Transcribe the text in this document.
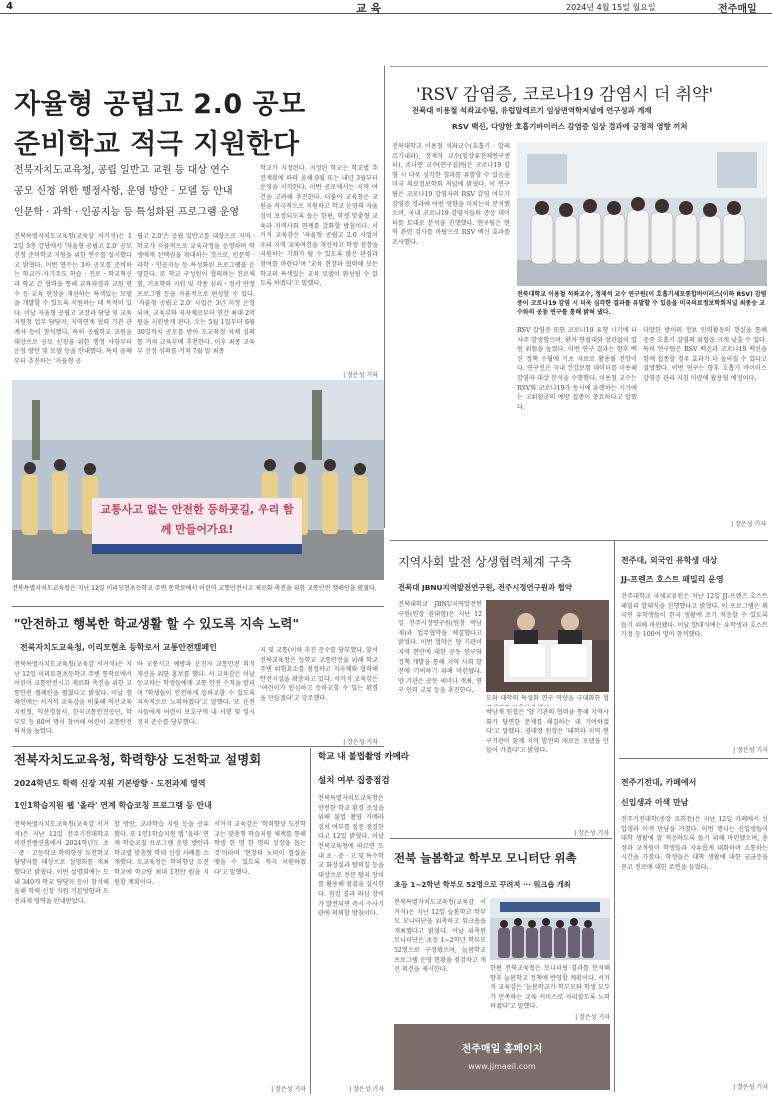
4	교 육	2024년 4월 15일 월요일	전주매일
자율형 공립고 2.0 공모
준비학교 적극 지원한다
전북자치도교육청, 공립 일반고 교원 등 대상 연수
공모 신청 위한 행정사항, 운영 방안 · 모델 등 안내
인문학 · 과학 · 인공지능 등 특성화된 프로그램 운영
전북특별자치도교육청(교육감 서거석)은 12일 3층 강당에서 '자율형 공립고 2.0' 공모 신청 준비학교 지원을 위한 연수를 실시했다고 밝혔다. 이번 연수는 3차 공모를 준비하는 학교가 자기주도 학습 · 진로 · 학교혁신과 학교 간 협력을 통해 교육과정과 교원 연수 등 교육 현장을 개선하는 특색있는 모델을 개발할 수 있도록 지원하는 데 목적이 있다. 이날 자율형 공립고 교장과 담당 및 교육지원청 업무 담당자, 지역연계 협력 기관 관계자 등이 참석했다. 특히 공립학교 교원을 대상으로 공모 신청을 위한 행정 사항부터 운영 방안 및 모델 등을 안내했다. 특히 올해부터 추진하는 '자율형 공
립고 2.0'은 공립 일반고를 대상으로 지역 · 학교가 자율적으로 교육과정을 운영하며 학생에게 선택권을 확대하는 것으로, 인문학 · 과학 · 인공지능 등 특성화된 프로그램을 운영한다. 또 학교 구성원이 협의하는 진로체험, 기초학력 지원 및 각종 심리 · 정서 안정 프로그램 등을 자율적으로 편성할 수 있다. '자율형 공립고 2.0' 사업은 3년 지정 운영되며, 교육부와 지자체로부터 연간 최대 2억 원을 지원받게 된다. 오는 5월 1일부터 6월 30일까지 공모를 받아 도교육청 자체 심의를 거쳐 교육부에 추천한다. 이후 최종 교육부 선정 심의를 거쳐 7월 말 최종
학교가 지정된다. 지정된 학교는 학교별 추진계획에 따라 올해 9월 또는 내년 3월부터 운영을 시작한다. 이번 공모에서는 지역 여건을 고려해 추진한다. 더불어 교육청은 교원을 적극적으로 지원하고 학교 운영의 자율성이 보장되도록 돕는 한편, 학생 맞춤형 교육과 지역사회 연계를 강화할 방침이다. 서거석 교육감은 '자율형 공립고 2.0 사업이 우리 지역 교육여건을 개선하고 학생 성장을 지원하는 기회가 될 수 있도록 많은 관심과 참여를 바란다'며 '교육 현장과 협력해 모든 학교의 특색있는 교육 모델이 완성될 수 있도록 하겠다'고 말했다.
| 장은성 기자
'RSV 감염증, 코로나19 감염시 더 취약'
전북대 이용철 석좌교수팀, 유럽알레르기 임상면역학저널에 연구성과 게재
RSV 백신, 다양한 호흡기바이러스 감염증 임상 경과에 긍정적 영향 끼쳐
전북대학교 이용철 석좌교수(호흡기 · 알레르기내과), 정재석 교수(임상유전체연구센터), 조나연 교수(연구실)팀은 코로나19 감염 시 더욱 심각한 결과를 유발할 수 있음을 미국 의료정보학회 저널에 밝혔다. 이 연구팀은 코로나19 감염자의 RSV 감염 여부가 감염증 경과에 어떤 영향을 미치는지 분석했으며, 국내 코로나19 감염자들의 증상 데이터를 토대로 분석을 진행했다. 연구팀은 면역 관련 검사를 바탕으로 RSV 백신 효과를 조사했다.
전북대학교 이용철 석좌교수, 정재석 교수 연구원(이 호흡기세포통합바이러스(이하 RSV) 감염증이 코로나19 감염 시 더욱 심각한 결과를 유발할 수 있음을 미국의료정보학회저널 최종승 교수와의 공동 연구를 통해 밝혀 냈다.
RSV 감염증 또한 코로나19 유행 시기에 더 자주 발생했으며, 환자 연령대와 상관없이 입원 위험을 높였다. 이번 연구 결과는 향후 백신 정책 수립에 기초 자료로 활용될 전망이다. 연구진은 국내 건강보험 데이터를 이용해 감염자 대상 분석을 수행했다. 이용철 교수는 RSV와 코로나19가 동시에 유행하는 시기에는 고위험군의 예방 접종이 중요하다고 말했다.
다양한 방어의 정보 인력활동의 현실을 통해 중증 호흡기 감염의 위험을 크게 낮출 수 있다. 특히 연구팀은 RSV 백신과 코로나19 백신을 함께 접종할 경우 효과가 더 높아질 수 있다고 설명했다. 이번 연구는 향후 호흡기 바이러스 감염증 관리 지침 마련에 활용될 예정이다.
| 장은성 기자
교통사고 없는 안전한 등하굣길, 우리 함께 만들어가요!
전북특별자치도교육청은 지난 12일 이리모현초등학교 주변 통학로에서 어린이 교통안전시고 제로화 촉진을 위한 교통안전 캠페인을 펼쳤다.
"안전하고 행복한 학교생활 할 수 있도록 지속 노력"
전북자치도교육청, 이리모현초 등학로서 교통안전캠페인
전북특별자치도교육청(교육감 서거석)은 지난 12일 이리모현초등학교 주변 통학로에서 어린이 교통안전시고 제로화 촉진을 위한 교통안전 캠페인을 펼쳤다고 밝혔다. 이날 캠페인에는 서거석 교육감을 비롯해 익산교육지원청, 익산경찰서, 한국교통안전공단, 학부모 등 80여 명이 참여해 어린이 교통안전 의식을 높였다.
바 교통시고 예방과 운전자 교통안전 의식 개선을 위한 홍보를 했다. 서 교육감은 이날 등교하는 학생들에게 교통 안전 수칙을 알리며 '학생들이 안전하게 등하교할 수 있도록 지속적으로 노력하겠다'고 말했다. 또 운전자들에게 어린이 보호구역 내 서행 및 일시정지 준수를 당부했다.
지 및 교통(이하 추진 준수를 당부했다. 앞서 전북교육청은 등학교 교통안전을 위해 학교 주변 위험요소를 점검하고 지자체와 협력해 안전시설을 확충하고 있다. 서거석 교육감은 '어린이가 안심하고 등하교할 수 있는 환경을 만들겠다'고 강조했다.
| 장은성 기자
전북자치도교육청, 학력향상 도전학교 설명회
2024학년도 학력 신장 지원 기본방향 · 도전과제 영역
1인1학습지원 웹 '올라' 연계 학습코칭 프로그램 등 안내
전북특별자치도교육청(교육감 서거석)은 지난 12일 전주기전대학교 비전컨벤션홀에서 2024학년도 초 · 중 · 고등학교 학력향상 도전학교 담당자를 대상으로 설명회를 개최했다고 밝혔다. 이번 설명회에는 도내 340개 학교 담당자 등이 참석해 올해 학력 신장 지원 기본방향과 도전과제 영역을 안내받았다.
할 방안, 교과학습 지원 등을 공유했다. 또 1인1학습지원 웹 '올라' 연계 학습코칭 프로그램 운영 방안과 학교별 맞춤형 학력 신장 사례를 소개했다. 도교육청은 학력향상 도전학교에 학교당 최대 1천만 원을 지원할 계획이다.
서거석 교육감은 '학력향상 도전학교는 맞춤형 학습지원 체계를 통해 학생 한 명 한 명의 성장을 돕는 것'이라며 '현장의 노력이 결실을 맺을 수 있도록 적극 지원하겠다'고 말했다.
| 장은성 기자
학교 내 불법촬영 카메라
설치 여부 집중점검
전북특별자치도교육청은 안전한 학교 환경 조성을 위해 불법 촬영 카메라 설치 여부를 집중 점검한다고 12일 밝혔다. 이날 전북교육청에 따르면 도내 초 · 중 · 고 및 특수학교 화장실과 탈의실 등을 대상으로 전문 탐지 장비를 활용해 점검을 실시한다. 점검 결과 의심 장비가 발견되면 즉시 수사기관에 의뢰할 방침이다.
| 장은성 기자
지역사회 발전 상생협력체계 구축
전북대 JBNU지역발전연구원, 전주시정연구원과 협약
전북대학교 JBNU지역발전연구원(원장 권대영)은 지난 12일 전주시정연구원(원장 박남재)과 업무협약을 체결했다고 밝혔다. 이번 협약은 양 기관이 지역 현안에 대한 공동 연구와 정책 개발을 통해 지역 사회 발전에 기여하기 위해 마련됐다. 양 기관은 공동 세미나 개최, 연구 인력 교류 등을 추진한다.
도와 대학의 특성화 연구 역량을 극대화한 협
박남재 원장은 '양 기관의 협력을 통해 지역사회가 당면한 문제를 해결하는 데 기여하겠다'고 말했다. 권대영 원장은 '대학과 지역 연구기관이 함께 지역 발전의 새로운 모델을 만들어 가겠다'고 밝혔다.
| 장은성 기자
전주대, 외국인 유학생 대상
JJ-프렌즈 호스트 패밀리 운영
전주대학교 국제교류원은 지난 12일 JJ-프렌즈 호스트 패밀리 발대식을 진행했다고 밝혔다. 이 프로그램은 외국인 유학생들이 한국 생활에 조기 적응할 수 있도록 돕기 위해 마련됐다. 이날 발대식에는 유학생과 호스트 가정 등 100여 명이 참석했다.
| 장은성 기자
전주기전대, 카페에서
신입생과 이색 만남
전주기전대학(총장 조희천)은 지난 12일 카페에서 신입생과 이색 만남을 가졌다. 이번 행사는 신입생들이 대학 생활에 잘 적응하도록 돕기 위해 마련됐으며, 총장과 교직원이 학생들과 자유롭게 대화하며 소통하는 시간을 가졌다. 학생들은 대학 생활에 대한 궁금증을 묻고 진로에 대한 조언을 들었다.
| 장은성 기자
전북 늘봄학교 학부모 모니터단 위촉
초등 1~2학년 학부모 52명으로 꾸려져 ··· 워크숍 개최
전북특별자치도교육청(교육감 서거석)은 지난 12일 늘봄학교 학부모 모니터단을 위촉하고 워크숍을 개최했다고 밝혔다. 이날 위촉된 모니터단은 초등 1~2학년 학부모 52명으로 구성됐으며, 늘봄학교 프로그램 운영 현황을 점검하고 개선 의견을 제시한다.	한편 전북교육청은 모니터링 결과를 분석해 향후 늘봄학교 정책에 반영할 계획이다. 서거석 교육감은 '늘봄학교가 학부모와 학생 모두가 만족하는 교육 서비스로 자리잡도록 노력하겠다'고 말했다.
| 장은성 기자
전주매일 홈페이지
www.jjmaeil.com
